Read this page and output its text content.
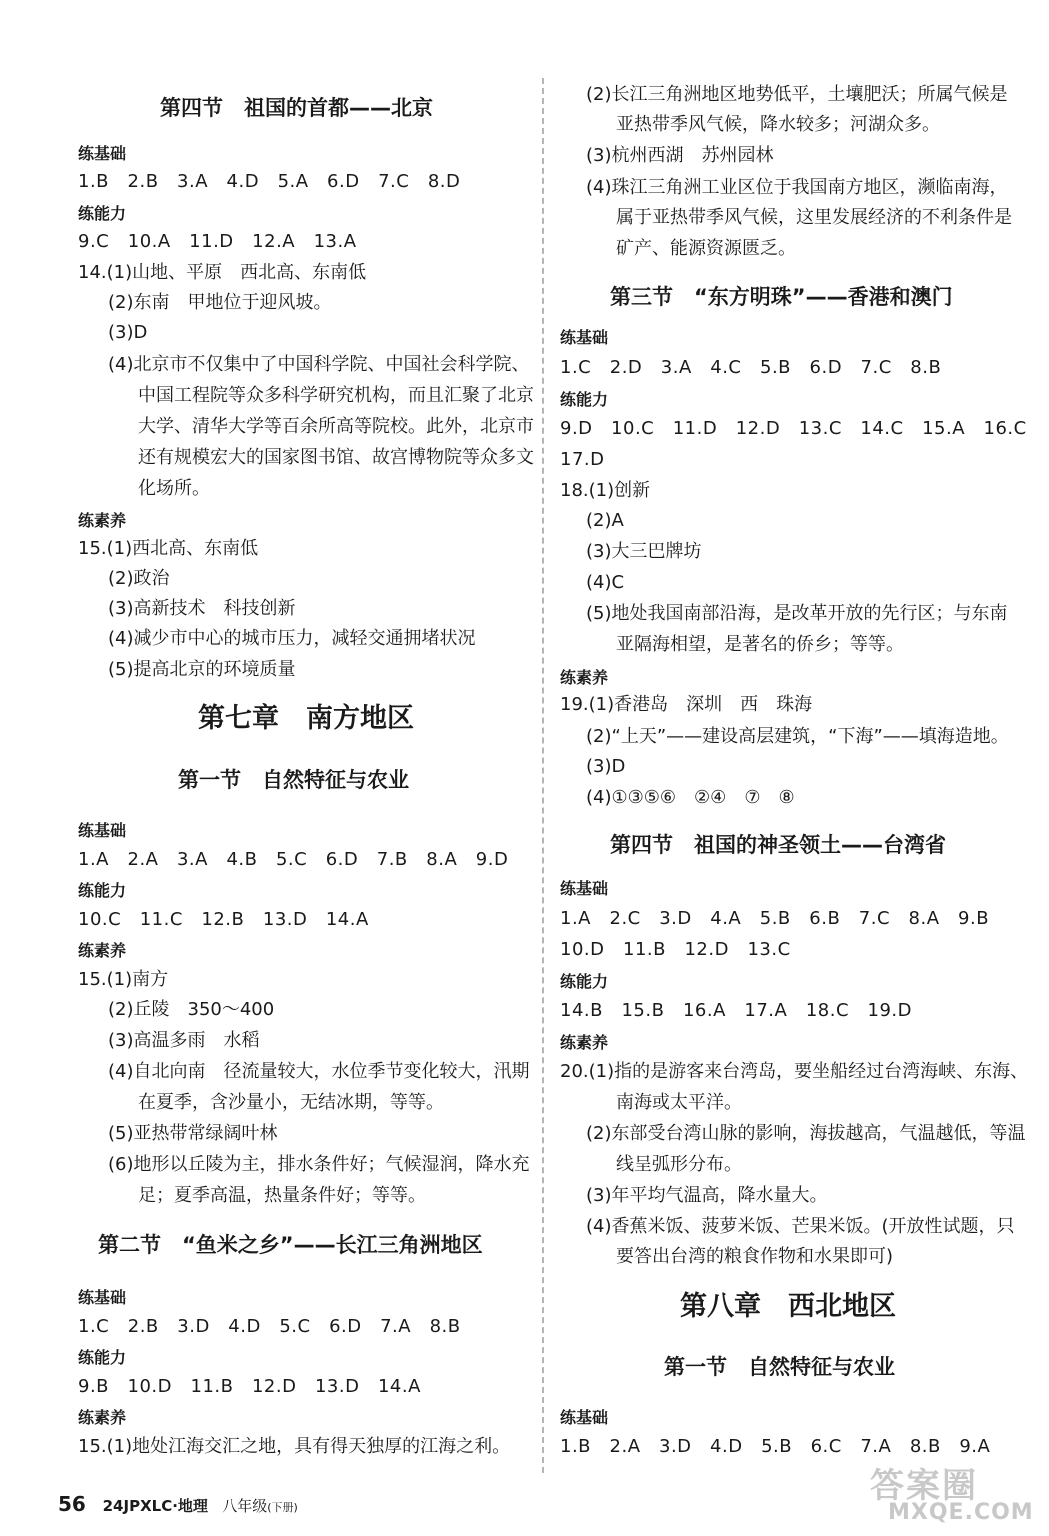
第四节　祖国的首都——北京
练基础
1.B　2.B　3.A　4.D　5.A　6.D　7.C　8.D
练能力
9.C　10.A　11.D　12.A　13.A
14.(1)山地、平原　西北高、东南低
(2)东南　甲地位于迎风坡。
(3)D
(4)北京市不仅集中了中国科学院、中国社会科学院、
中国工程院等众多科学研究机构，而且汇聚了北京
大学、清华大学等百余所高等院校。此外，北京市
还有规模宏大的国家图书馆、故宫博物院等众多文
化场所。
练素养
15.(1)西北高、东南低
(2)政治
(3)高新技术　科技创新
(4)减少市中心的城市压力，减轻交通拥堵状况
(5)提高北京的环境质量
第七章　南方地区
第一节　自然特征与农业
练基础
1.A　2.A　3.A　4.B　5.C　6.D　7.B　8.A　9.D
练能力
10.C　11.C　12.B　13.D　14.A
练素养
15.(1)南方
(2)丘陵　350～400
(3)高温多雨　水稻
(4)自北向南　径流量较大，水位季节变化较大，汛期
在夏季，含沙量小，无结冰期，等等。
(5)亚热带常绿阔叶林
(6)地形以丘陵为主，排水条件好；气候湿润，降水充
足；夏季高温，热量条件好；等等。
第二节　“鱼米之乡”——长江三角洲地区
练基础
1.C　2.B　3.D　4.D　5.C　6.D　7.A　8.B
练能力
9.B　10.D　11.B　12.D　13.D　14.A
练素养
15.(1)地处江海交汇之地，具有得天独厚的江海之利。
(2)长江三角洲地区地势低平，土壤肥沃；所属气候是
亚热带季风气候，降水较多；河湖众多。
(3)杭州西湖　苏州园林
(4)珠江三角洲工业区位于我国南方地区，濒临南海，
属于亚热带季风气候，这里发展经济的不利条件是
矿产、能源资源匮乏。
第三节　“东方明珠”——香港和澳门
练基础
1.C　2.D　3.A　4.C　5.B　6.D　7.C　8.B
练能力
9.D　10.C　11.D　12.D　13.C　14.C　15.A　16.C
17.D
18.(1)创新
(2)A
(3)大三巴牌坊
(4)C
(5)地处我国南部沿海，是改革开放的先行区；与东南
亚隔海相望，是著名的侨乡；等等。
练素养
19.(1)香港岛　深圳　西　珠海
(2)“上天”——建设高层建筑，“下海”——填海造地。
(3)D
(4)①③⑤⑥　②④　⑦　⑧
第四节　祖国的神圣领土——台湾省
练基础
1.A　2.C　3.D　4.A　5.B　6.B　7.C　8.A　9.B
10.D　11.B　12.D　13.C
练能力
14.B　15.B　16.A　17.A　18.C　19.D
练素养
20.(1)指的是游客来台湾岛，要坐船经过台湾海峡、东海、
南海或太平洋。
(2)东部受台湾山脉的影响，海拔越高，气温越低，等温
线呈弧形分布。
(3)年平均气温高，降水量大。
(4)香蕉米饭、菠萝米饭、芒果米饭。(开放性试题，只
要答出台湾的粮食作物和水果即可)
第八章　西北地区
第一节　自然特征与农业
练基础
1.B　2.A　3.D　4.D　5.B　6.C　7.A　8.B　9.A
56 24JPXLC·地理 八年级(下册)
答案圈
MXQE.COM
